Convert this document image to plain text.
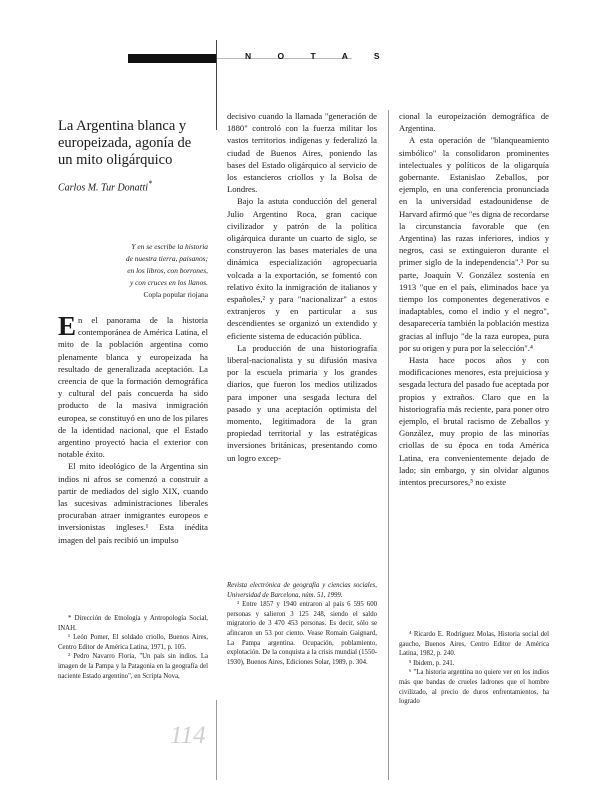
N O T A S
La Argentina blanca y europeizada, agonía de un mito oligárquico
Carlos M. Tur Donatti*
Y en se escribe la historia
de nuestra tierra, paisanos;
en los libros, con borrones,
y con cruces en los llanos.
Copla popular riojana

En el panorama de la historia contemporánea de América Latina, el mito de la población argentina como plenamente blanca y europeizada ha resultado de generalizada aceptación. La creencia de que la formación demográfica y cultural del país concuerda ha sido producto de la masiva inmigración europea, se constituyó en uno de los pilares de la identidad nacional, que el Estado argentino proyectó hacia el exterior con notable éxito.

El mito ideológico de la Argentina sin indios ni afros se comenzó a construir a partir de mediados del siglo XIX, cuando las sucesivas administraciones liberales procuraban atraer inmigrantes europeos e inversionistas ingleses.¹ Esta inédita imagen del país recibió un impulso

decisivo cuando la llamada "generación de 1880" controló con la fuerza militar los vastos territorios indígenas y federalizó la ciudad de Buenos Aires, poniendo las bases del Estado oligárquico al servicio de los estancieros criollos y la Bolsa de Londres.

Bajo la astuta conducción del general Julio Argentino Roca, gran cacique civilizador y patrón de la política oligárquica durante un cuarto de siglo, se construyeron las bases materiales de una dinámica especialización agropecuaria volcada a la exportación, se fomentó con relativo éxito la inmigración de italianos y españoles,² y para "nacionalizar" a estos extranjeros y en particular a sus descendientes se organizó un extendido y eficiente sistema de educación pública.

La producción de una historiografía liberal-nacionalista y su difusión masiva por la escuela primaria y los grandes diarios, que fueron los medios utilizados para imponer una sesgada lectura del pasado y una aceptación optimista del momento, legitimadora de la gran propiedad territorial y las estratégicas inversiones británicas, presentando como un logro excep-

cional la europeización demográfica de Argentina.

A esta operación de "blanqueamiento simbólico" la consolidaron prominentes intelectuales y políticos de la oligarquía gobernante. Estanislao Zeballos, por ejemplo, en una conferencia pronunciada en la universidad estadounidense de Harvard afirmó que "es digna de recordarse la circunstancia favorable que (en Argentina) las razas inferiores, indios y negros, casi se extinguieron durante el primer siglo de la independencia".³ Por su parte, Joaquín V. González sostenía en 1913 "que en el país, eliminados hace ya tiempo los componentes degenerativos e inadaptables, como el indio y el negro", desaparecería también la población mestiza gracias al influjo "de la raza europea, pura por su origen y pura por la selección".⁴

Hasta hace pocos años y con modificaciones menores, esta prejuiciosa y sesgada lectura del pasado fue aceptada por propios y extraños. Claro que en la historiografía más reciente, para poner otro ejemplo, el brutal racismo de Zeballos y González, muy propio de las minorías criollas de su época en toda América Latina, era convenientemente dejado de lado; sin embargo, y sin olvidar algunos intentos precursores,⁵ no existe

* Dirección de Etnología y Antropología Social, INAH.

¹ León Pomer, El soldado criollo, Buenos Aires, Centro Editor de América Latina, 1971, p. 105.

² Pedro Navarro Floria, "Un país sin indios. La imagen de la Pampa y la Patagonia en la geografía del naciente Estado argentino", en Scripta Nova,

Revista electrónica de geografía y ciencias sociales, Universidad de Barcelona, núm. 51, 1999.

³ Entre 1857 y 1940 entraron al país 6 595 600 personas y salieron 3 125 248, siendo el saldo migratorio de 3 470 453 personas. Es decir, sólo se afincaron un 53 por ciento. Vease Romain Gaignard, La Pampa argentina. Ocupación, poblamiento, explotación. De la conquista a la crisis mundial (1550-1930), Buenos Aires, Ediciones Solar, 1989, p. 304.

⁴ Ricardo E. Rodríguez Molas, Historia social del gaucho, Buenos Aires, Centro Editor de América Latina, 1982, p. 240.

⁵ Ibidem, p. 241.

⁶ "La historia argentina no quiere ver en los indios más que bandas de crueles ladrones que el hombre civilizado, al precio de duros enfrentamientos, ha logrado

114
